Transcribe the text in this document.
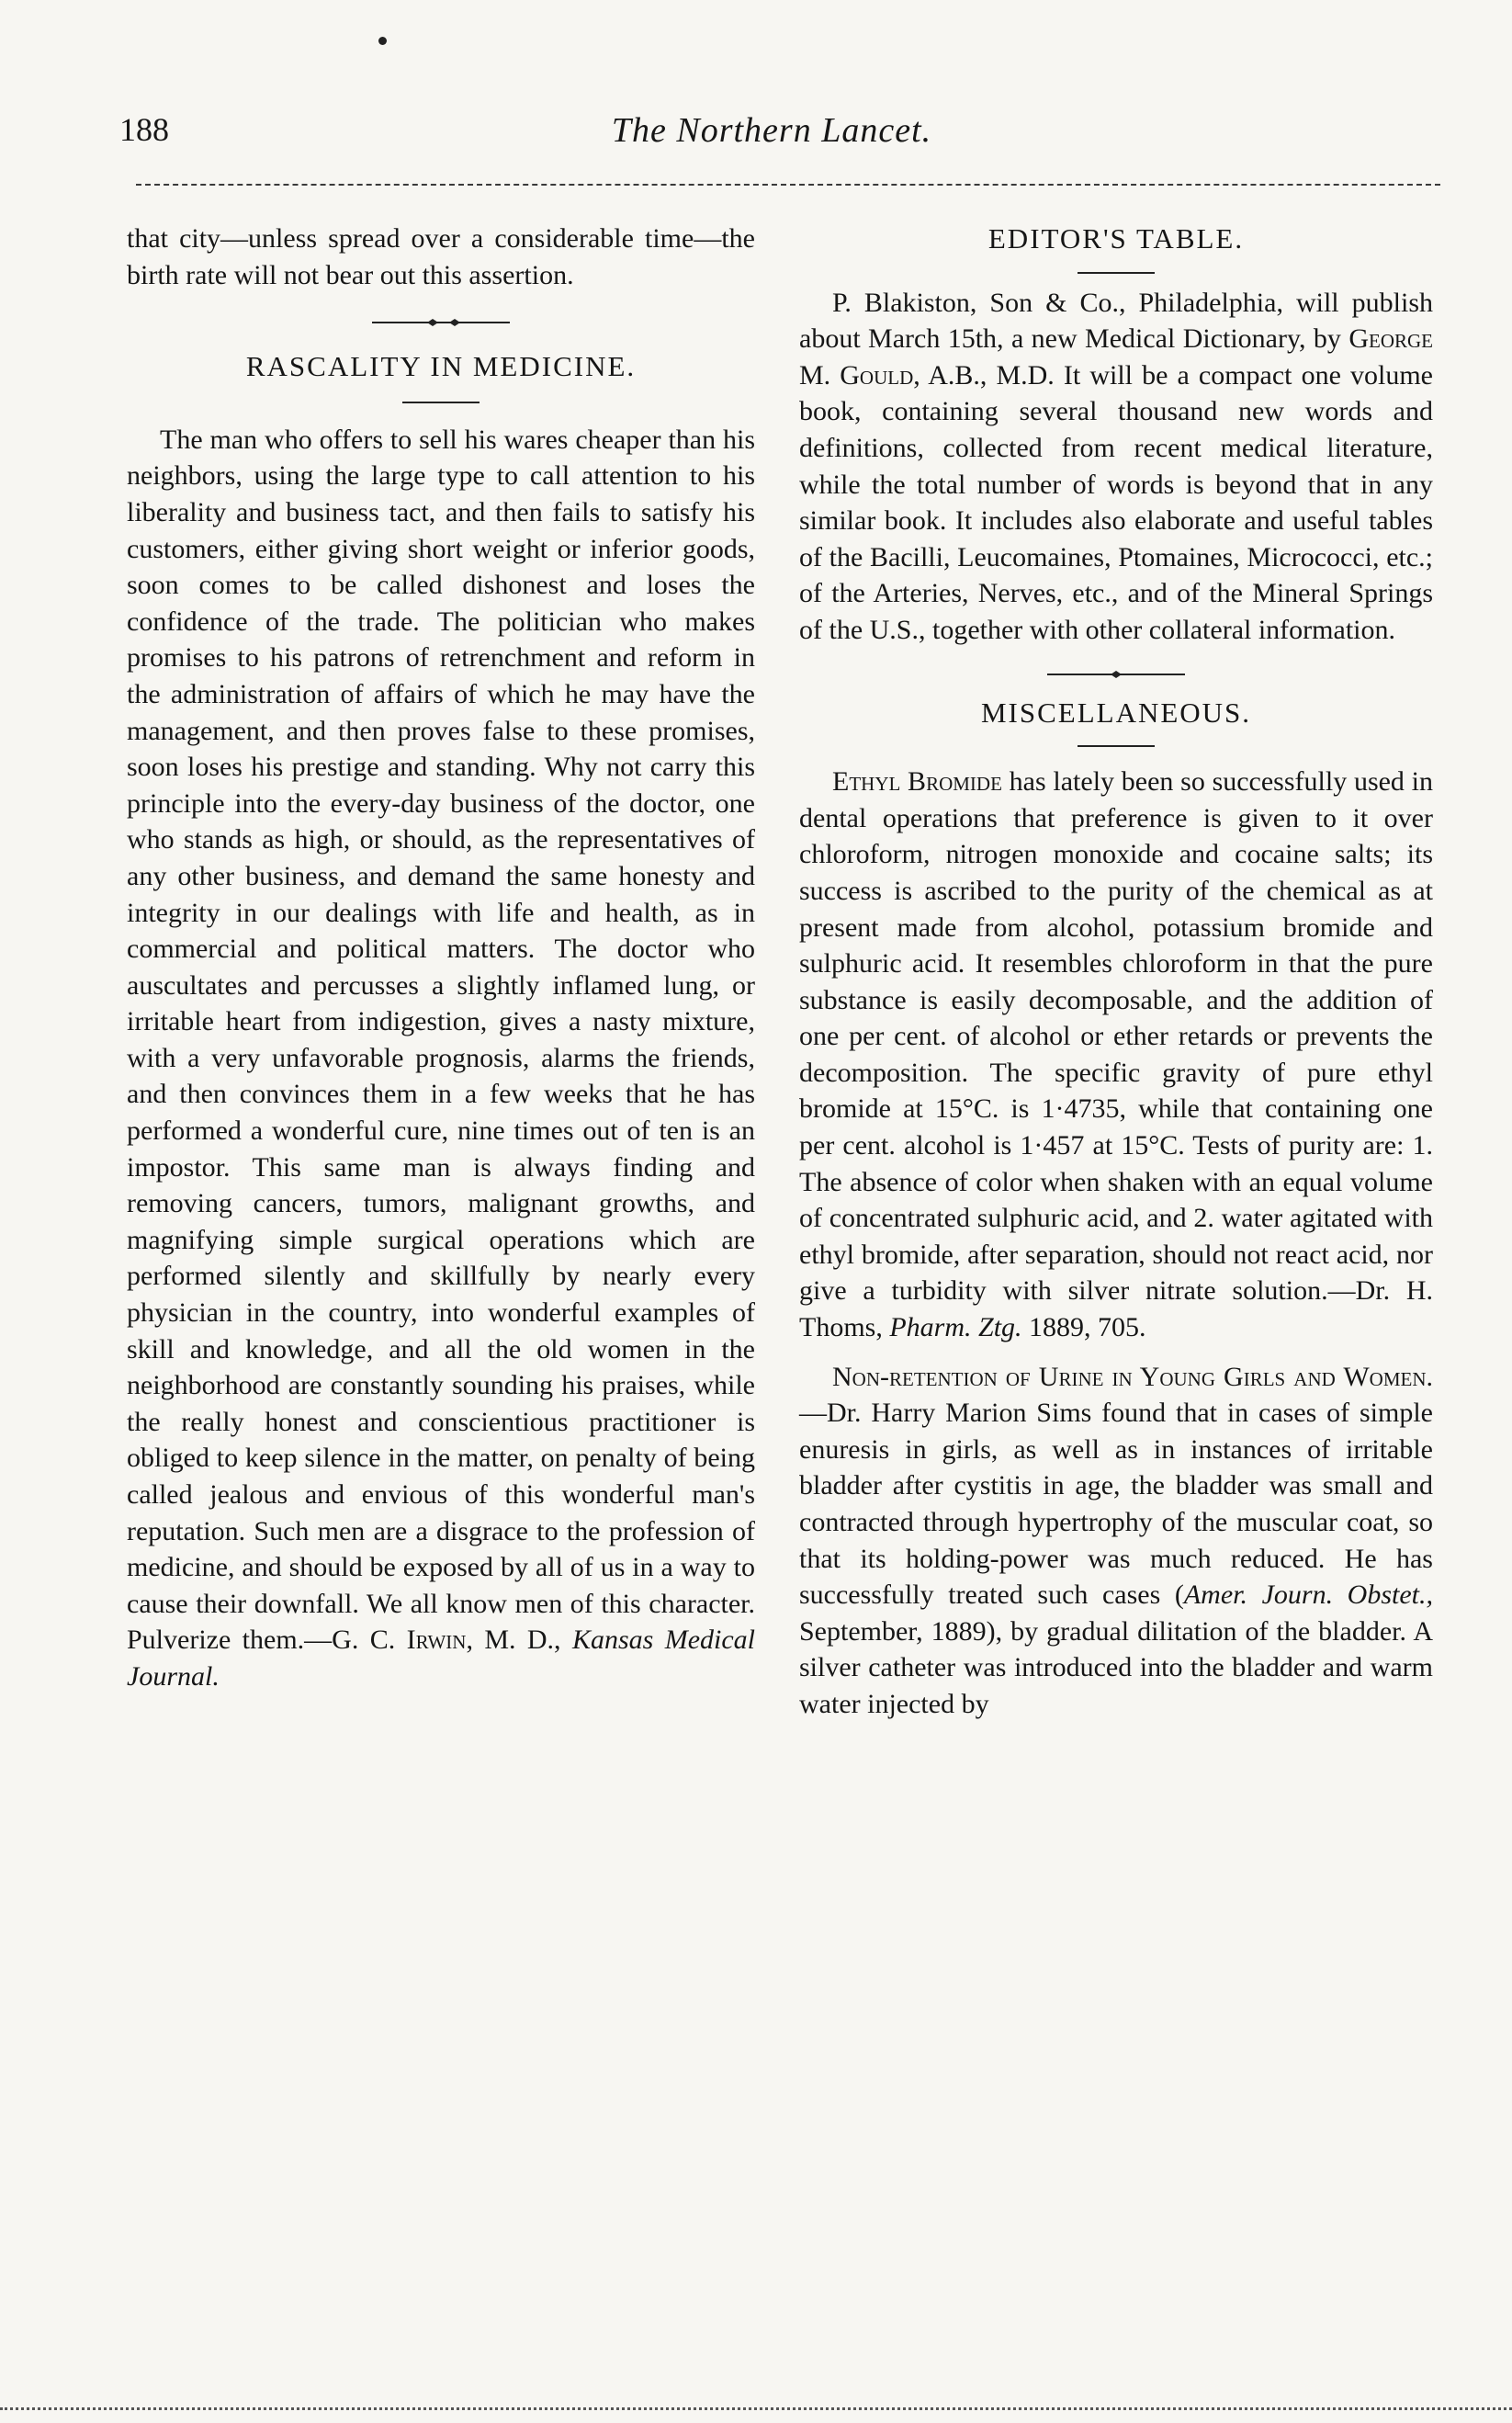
188	The Northern Lancet.

that city—unless spread over a considerable time—the birth rate will not bear out this assertion.

RASCALITY IN MEDICINE.

The man who offers to sell his wares cheaper than his neighbors, using the large type to call attention to his liberality and business tact, and then fails to satisfy his customers, either giving short weight or inferior goods, soon comes to be called dishonest and loses the confidence of the trade. The politician who makes promises to his patrons of retrenchment and reform in the administration of affairs of which he may have the management, and then proves false to these promises, soon loses his prestige and standing. Why not carry this principle into the every-day business of the doctor, one who stands as high, or should, as the representatives of any other business, and demand the same honesty and integrity in our dealings with life and health, as in commercial and political matters. The doctor who auscultates and percusses a slightly inflamed lung, or irritable heart from indigestion, gives a nasty mixture, with a very unfavorable prognosis, alarms the friends, and then convinces them in a few weeks that he has performed a wonderful cure, nine times out of ten is an impostor. This same man is always finding and removing cancers, tumors, malignant growths, and magnifying simple surgical operations which are performed silently and skillfully by nearly every physician in the country, into wonderful examples of skill and knowledge, and all the old women in the neighborhood are constantly sounding his praises, while the really honest and conscientious practitioner is obliged to keep silence in the matter, on penalty of being called jealous and envious of this wonderful man's reputation. Such men are a disgrace to the profession of medicine, and should be exposed by all of us in a way to cause their downfall. We all know men of this character. Pulverize them.—G. C. Irwin, M. D., Kansas Medical Journal.

EDITOR'S TABLE.

P. Blakiston, Son & Co., Philadelphia, will publish about March 15th, a new Medical Dictionary, by George M. Gould, A.B., M.D. It will be a compact one volume book, containing several thousand new words and definitions, collected from recent medical literature, while the total number of words is beyond that in any similar book. It includes also elaborate and useful tables of the Bacilli, Leucomaines, Ptomaines, Micrococci, etc.; of the Arteries, Nerves, etc., and of the Mineral Springs of the U.S., together with other collateral information.

MISCELLANEOUS.

Ethyl Bromide has lately been so successfully used in dental operations that preference is given to it over chloroform, nitrogen monoxide and cocaine salts; its success is ascribed to the purity of the chemical as at present made from alcohol, potassium bromide and sulphuric acid. It resembles chloroform in that the pure substance is easily decomposable, and the addition of one per cent. of alcohol or ether retards or prevents the decomposition. The specific gravity of pure ethyl bromide at 15°C. is 1·4735, while that containing one per cent. alcohol is 1·457 at 15°C. Tests of purity are: 1. The absence of color when shaken with an equal volume of concentrated sulphuric acid, and 2. water agitated with ethyl bromide, after separation, should not react acid, nor give a turbidity with silver nitrate solution.—Dr. H. Thoms, Pharm. Ztg. 1889, 705.

Non-retention of Urine in Young Girls and Women.—Dr. Harry Marion Sims found that in cases of simple enuresis in girls, as well as in instances of irritable bladder after cystitis in age, the bladder was small and contracted through hypertrophy of the muscular coat, so that its holding-power was much reduced. He has successfully treated such cases (Amer. Journ. Obstet., September, 1889), by gradual dilitation of the bladder. A silver catheter was introduced into the bladder and warm water injected by
